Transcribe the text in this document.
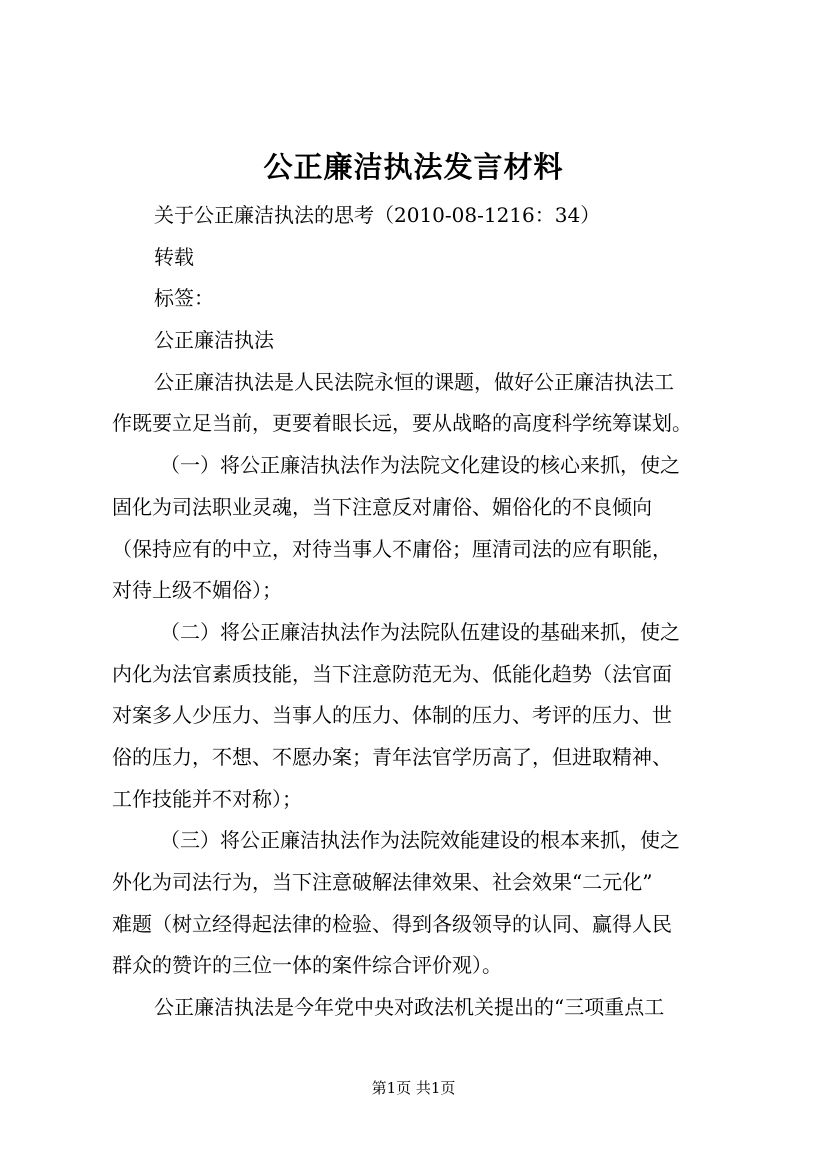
公正廉洁执法发言材料
关于公正廉洁执法的思考（2010-08-1216：34）
转载
标签：
公正廉洁执法
公正廉洁执法是人民法院永恒的课题，做好公正廉洁执法工
作既要立足当前，更要着眼长远，要从战略的高度科学统筹谋划。
（一）将公正廉洁执法作为法院文化建设的核心来抓，使之
固化为司法职业灵魂，当下注意反对庸俗、媚俗化的不良倾向
（保持应有的中立，对待当事人不庸俗；厘清司法的应有职能，
对待上级不媚俗）；
（二）将公正廉洁执法作为法院队伍建设的基础来抓，使之
内化为法官素质技能，当下注意防范无为、低能化趋势（法官面
对案多人少压力、当事人的压力、体制的压力、考评的压力、世
俗的压力，不想、不愿办案；青年法官学历高了，但进取精神、
工作技能并不对称）；
（三）将公正廉洁执法作为法院效能建设的根本来抓，使之
外化为司法行为，当下注意破解法律效果、社会效果“二元化”
难题（树立经得起法律的检验、得到各级领导的认同、赢得人民
群众的赞许的三位一体的案件综合评价观）。
公正廉洁执法是今年党中央对政法机关提出的“三项重点工
第1页 共1页
